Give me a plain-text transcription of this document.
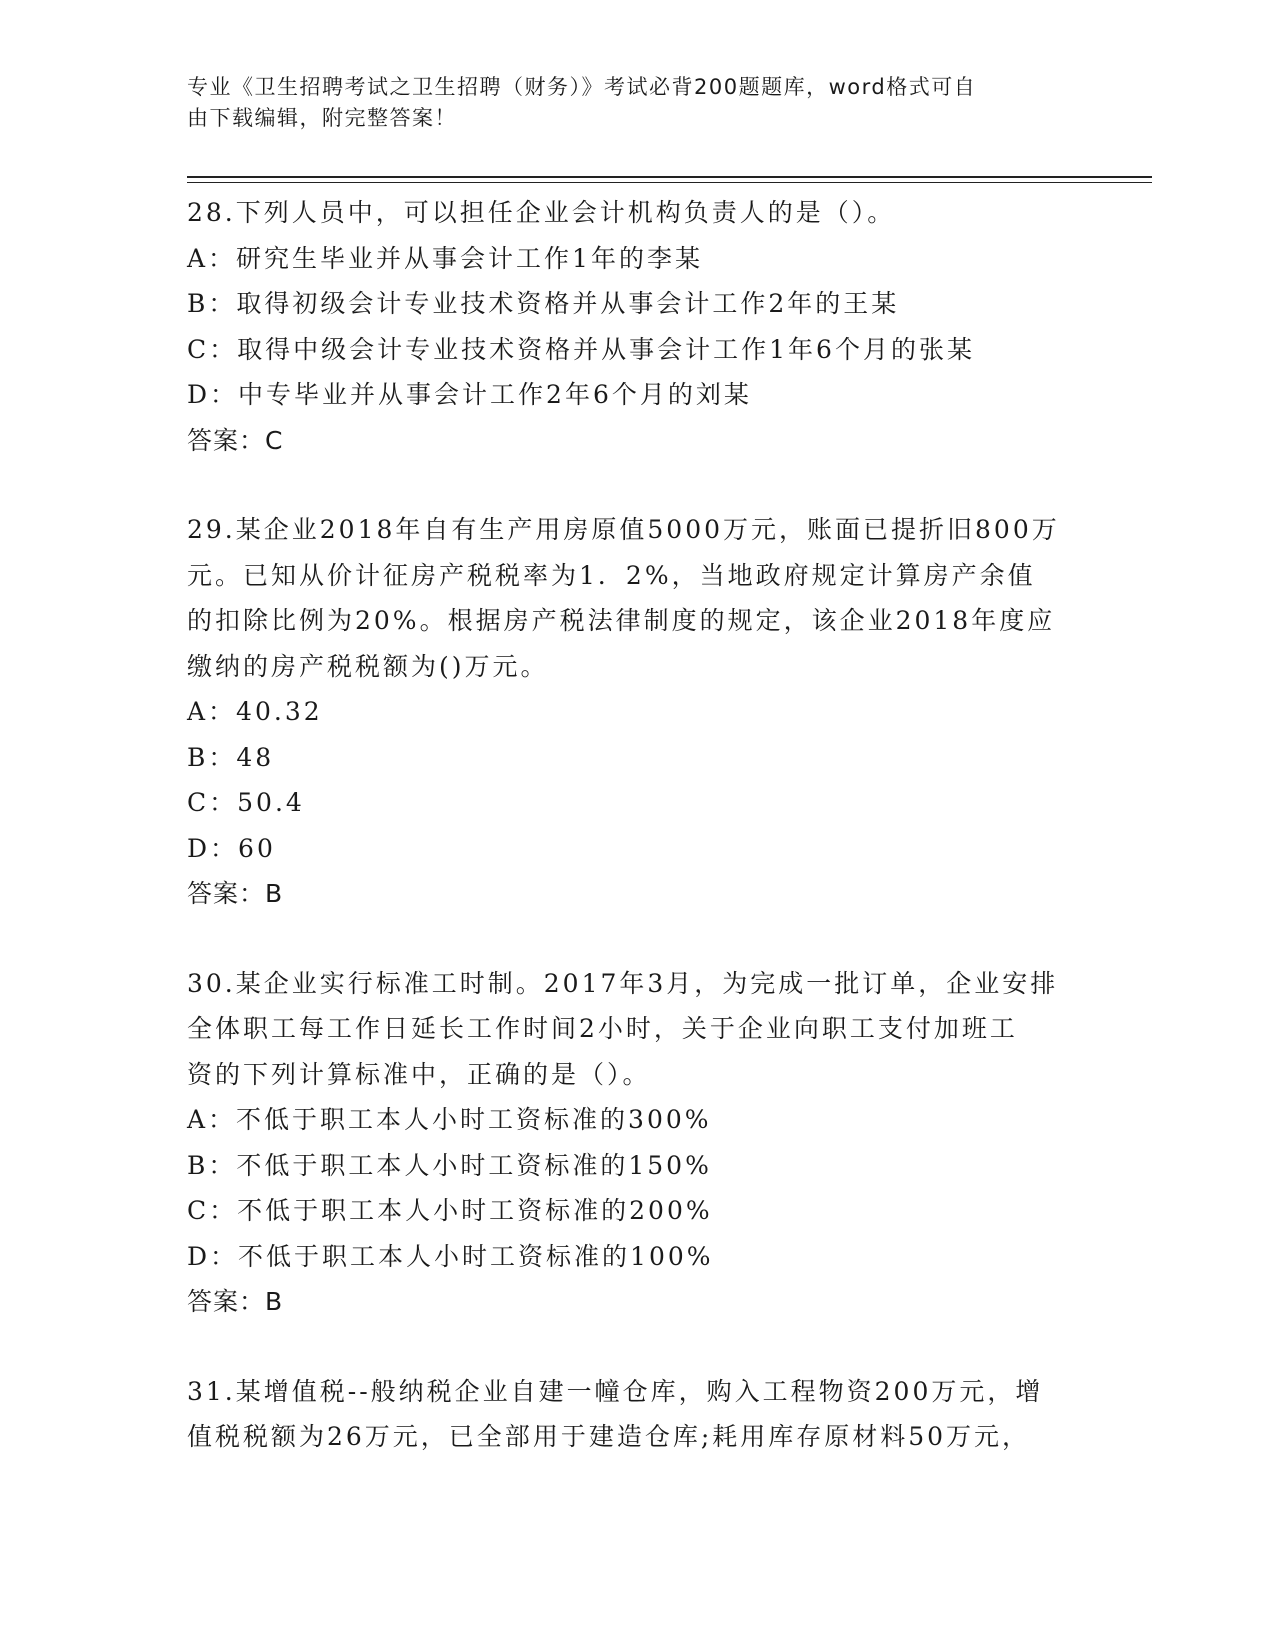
专业《卫生招聘考试之卫生招聘（财务）》考试必背200题题库，word格式可自
由下载编辑，附完整答案！
28.下列人员中，可以担任企业会计机构负责人的是（）。
A：研究生毕业并从事会计工作1年的李某
B：取得初级会计专业技术资格并从事会计工作2年的王某
C：取得中级会计专业技术资格并从事会计工作1年6个月的张某
D：中专毕业并从事会计工作2年6个月的刘某
答案：C
29.某企业2018年自有生产用房原值5000万元，账面已提折旧800万
元。已知从价计征房产税税率为1．2%，当地政府规定计算房产余值
的扣除比例为20%。根据房产税法律制度的规定，该企业2018年度应
缴纳的房产税税额为()万元。
A：40.32
B：48
C：50.4
D：60
答案：B
30.某企业实行标准工时制。2017年3月，为完成一批订单，企业安排
全体职工每工作日延长工作时间2小时，关于企业向职工支付加班工
资的下列计算标准中，正确的是（）。
A：不低于职工本人小时工资标准的300%
B：不低于职工本人小时工资标准的150%
C：不低于职工本人小时工资标准的200%
D：不低于职工本人小时工资标准的100%
答案：B
31.某增值税--般纳税企业自建一幢仓库，购入工程物资200万元，增
值税税额为26万元，已全部用于建造仓库;耗用库存原材料50万元，
